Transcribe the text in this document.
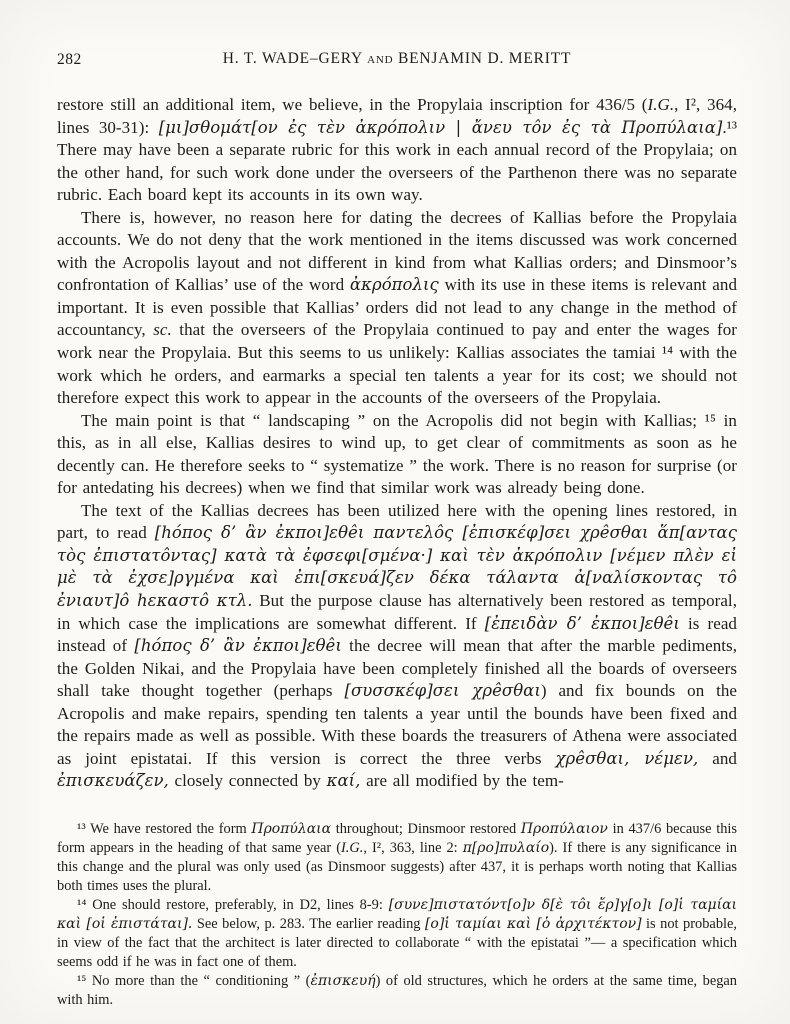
282	H. T. WADE–GERY and BENJAMIN D. MERITT

restore still an additional item, we believe, in the Propylaia inscription for 436/5 (I.G., I², 364, lines 30-31): [μι]σθομάτ[ον ἐς τὲν ἀκρόπολιν | ἄνευ τôν ἐς τὰ Προπύλαια].¹³ There may have been a separate rubric for this work in each annual record of the Propylaia; on the other hand, for such work done under the overseers of the Parthenon there was no separate rubric. Each board kept its accounts in its own way.

There is, however, no reason here for dating the decrees of Kallias before the Propylaia accounts. We do not deny that the work mentioned in the items discussed was work concerned with the Acropolis layout and not different in kind from what Kallias orders; and Dinsmoor’s confrontation of Kallias’ use of the word ἀκρόπολις with its use in these items is relevant and important. It is even possible that Kallias’ orders did not lead to any change in the method of accountancy, sc. that the overseers of the Propylaia continued to pay and enter the wages for work near the Propylaia. But this seems to us unlikely: Kallias associates the tamiai ¹⁴ with the work which he orders, and earmarks a special ten talents a year for its cost; we should not therefore expect this work to appear in the accounts of the overseers of the Propylaia.

The main point is that “ landscaping ” on the Acropolis did not begin with Kallias; ¹⁵ in this, as in all else, Kallias desires to wind up, to get clear of commitments as soon as he decently can. He therefore seeks to “ systematize ” the work. There is no reason for surprise (or for antedating his decrees) when we find that similar work was already being done.

The text of the Kallias decrees has been utilized here with the opening lines restored, in part, to read [hόπος δ’ ἂν ἐκποι]εθêι παντελôς [ἐπισκέφ]σει χρêσθαι ἅπ[αντας τὸς ἐπιστατôντας] κατὰ τὰ ἐφσεφι[σμένα·] καὶ τὲν ἀκρόπολιν [νέμεν πλὲν εἰ μὲ τὰ ἐχσε]ργμένα καὶ ἐπι[σκευά]ζεν δέκα τάλαντα ἀ[ναλίσκοντας τô ἐνιαυτ]ô hεκαστô κτλ. But the purpose clause has alternatively been restored as temporal, in which case the implications are somewhat different. If [ἐπειδὰν δ’ ἐκποι]εθêι is read instead of [hόπος δ’ ἂν ἐκποι]εθêι the decree will mean that after the marble pediments, the Golden Nikai, and the Propylaia have been completely finished all the boards of overseers shall take thought together (perhaps [συσσκέφ]σει χρêσθαι) and fix bounds on the Acropolis and make repairs, spending ten talents a year until the bounds have been fixed and the repairs made as well as possible. With these boards the treasurers of Athena were associated as joint epistatai. If this version is correct the three verbs χρêσθαι, νέμεν, and ἐπισκευάζεν, closely connected by καί, are all modified by the tem-

¹³ We have restored the form Προπύλαια throughout; Dinsmoor restored Προπύλαιον in 437/6 because this form appears in the heading of that same year (I.G., I², 363, line 2: π[ρο]πυλαίο). If there is any significance in this change and the plural was only used (as Dinsmoor suggests) after 437, it is perhaps worth noting that Kallias both times uses the plural.

¹⁴ One should restore, preferably, in D2, lines 8-9: [συνε]πιστατόντ[ο]ν δ[ὲ τôι ἔρ]γ[ο]ι [ο]ἱ ταμίαι καὶ [οἱ ἐπιστάται]. See below, p. 283. The earlier reading [ο]ἱ ταμίαι καὶ [ὁ ἀρχιτέκτον] is not probable, in view of the fact that the architect is later directed to collaborate “ with the epistatai ”— a specification which seems odd if he was in fact one of them.

¹⁵ No more than the “ conditioning ” (ἐπισκευή) of old structures, which he orders at the same time, began with him.
